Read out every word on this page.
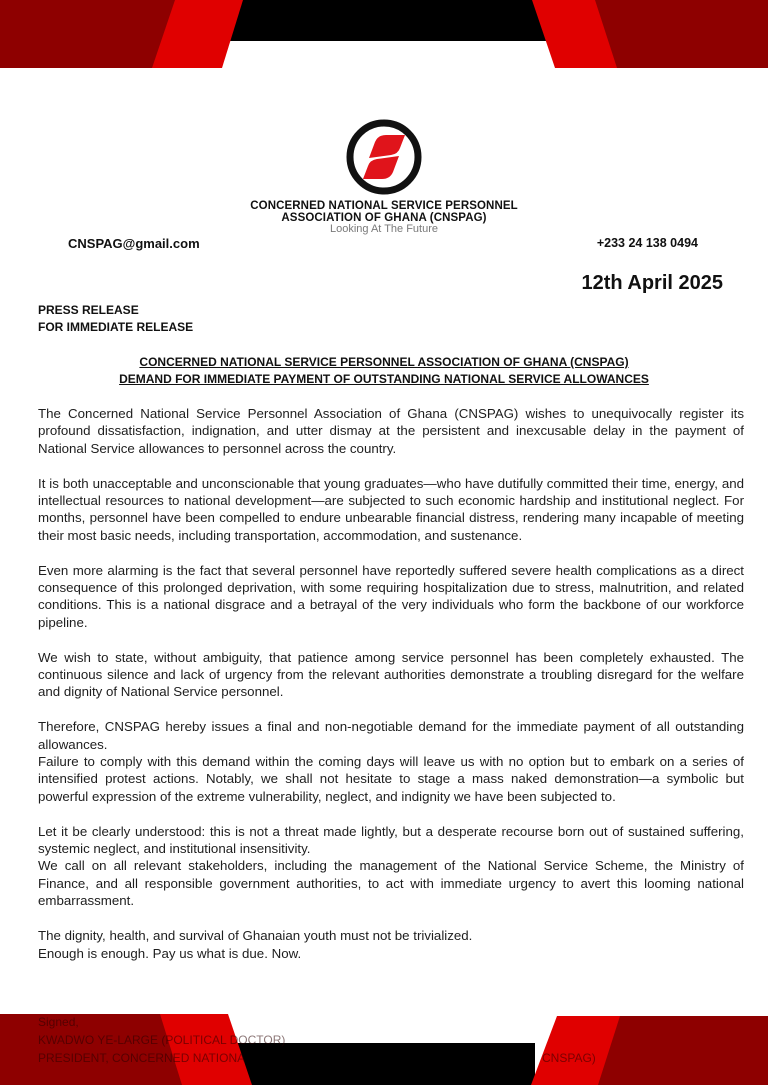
CONCERNED NATIONAL SERVICE PERSONNEL
ASSOCIATION OF GHANA (CNSPAG)
Looking At The Future
CNSPAG@gmail.com	+233 24 138 0494
12th April 2025
PRESS RELEASE
FOR IMMEDIATE RELEASE
CONCERNED NATIONAL SERVICE PERSONNEL ASSOCIATION OF GHANA (CNSPAG)
DEMAND FOR IMMEDIATE PAYMENT OF OUTSTANDING NATIONAL SERVICE ALLOWANCES

The Concerned National Service Personnel Association of Ghana (CNSPAG) wishes to unequivocally register its profound dissatisfaction, indignation, and utter dismay at the persistent and inexcusable delay in the payment of National Service allowances to personnel across the country.

It is both unacceptable and unconscionable that young graduates—who have dutifully committed their time, energy, and intellectual resources to national development—are subjected to such economic hardship and institutional neglect. For months, personnel have been compelled to endure unbearable financial distress, rendering many incapable of meeting their most basic needs, including transportation, accommodation, and sustenance.

Even more alarming is the fact that several personnel have reportedly suffered severe health complications as a direct consequence of this prolonged deprivation, with some requiring hospitalization due to stress, malnutrition, and related conditions. This is a national disgrace and a betrayal of the very individuals who form the backbone of our workforce pipeline.

We wish to state, without ambiguity, that patience among service personnel has been completely exhausted. The continuous silence and lack of urgency from the relevant authorities demonstrate a troubling disregard for the welfare and dignity of National Service personnel.

Therefore, CNSPAG hereby issues a final and non-negotiable demand for the immediate payment of all outstanding allowances.

Failure to comply with this demand within the coming days will leave us with no option but to embark on a series of intensified protest actions. Notably, we shall not hesitate to stage a mass naked demonstration—a symbolic but powerful expression of the extreme vulnerability, neglect, and indignity we have been subjected to.

Let it be clearly understood: this is not a threat made lightly, but a desperate recourse born out of sustained suffering, systemic neglect, and institutional insensitivity.

We call on all relevant stakeholders, including the management of the National Service Scheme, the Ministry of Finance, and all responsible government authorities, to act with immediate urgency to avert this looming national embarrassment.

The dignity, health, and survival of Ghanaian youth must not be trivialized.

Enough is enough. Pay us what is due. Now.

Signed,
KWADWO YE-LARGE (POLITICAL DOCTOR)
PRESIDENT, CONCERNED NATIONA	CNSPAG)
